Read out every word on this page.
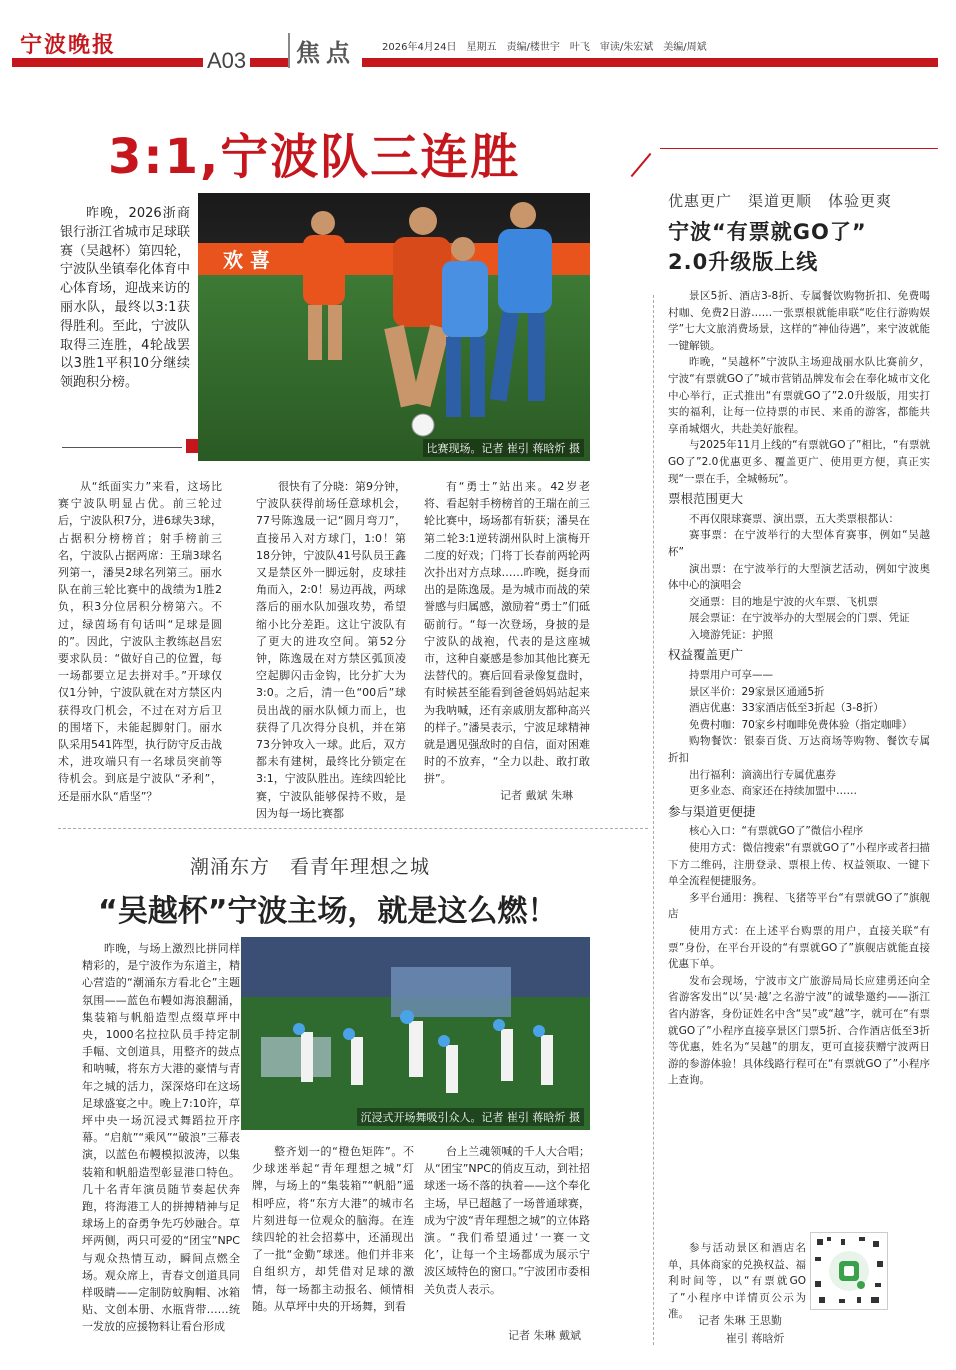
宁波晚报
A03	焦点	2026年4月24日　星期五　责编/楼世宇　叶飞　审读/朱宏斌　美编/周斌
3:1,宁波队三连胜
昨晚，2026浙商银行浙江省城市足球联赛（吴越杯）第四轮，宁波队坐镇奉化体育中心体育场，迎战来访的丽水队，最终以3:1获得胜利。至此，宁波队取得三连胜，4轮战罢以3胜1平积10分继续领跑积分榜。
欢 喜
比赛现场。记者 崔引 蒋晗炘 摄
从“纸面实力”来看，这场比赛宁波队明显占优。前三轮过后，宁波队积7分，进6球失3球，占据积分榜榜首；射手榜前三名，宁波队占据两席：王瑞3球名列第一，潘昊2球名列第三。丽水队在前三轮比赛中的战绩为1胜2负，积3分位居积分榜第六。不过，绿茵场有句话叫“足球是圆的”。因此，宁波队主教练赵昌宏要求队员：“做好自己的位置，每一场都要立足去拼对手。”开球仅仅1分钟，宁波队就在对方禁区内获得攻门机会，不过在对方后卫的围堵下，未能起脚射门。丽水队采用541阵型，执行防守反击战术，进攻端只有一名球员突前等待机会。到底是宁波队“矛利”，还是丽水队“盾坚”？
很快有了分晓：第9分钟，宁波队获得前场任意球机会，77号陈逸晟一记“圆月弯刀”，直接吊入对方球门，1:0！第18分钟，宁波队41号队员王鑫又是禁区外一脚远射，皮球挂角而入，2:0！易边再战，两球落后的丽水队加强攻势，希望缩小比分差距。这让宁波队有了更大的进攻空间。第52分钟，陈逸晟在对方禁区弧顶凌空起脚闪击金钩，比分扩大为3:0。之后，清一色“00后”球员出战的丽水队倾力而上，也获得了几次得分良机，并在第73分钟攻入一球。此后，双方都未有建树，最终比分锁定在3:1，宁波队胜出。连续四轮比赛，宁波队能够保持不败，是因为每一场比赛都
有“勇士”站出来。42岁老将、看起射手榜榜首的王瑞在前三轮比赛中，场场都有斩获；潘昊在第二轮3:1逆转湖州队时上演梅开二度的好戏；门将丁长春前两轮两次扑出对方点球……昨晚，挺身而出的是陈逸晟。是为城市而战的荣誉感与归属感，激励着“勇士”们砥砺前行。“每一次登场，身披的是宁波队的战袍，代表的是这座城市，这种自豪感是参加其他比赛无法替代的。赛后回看录像复盘时，有时候甚至能看到爸爸妈妈站起来为我呐喊，还有亲戚朋友都种高兴的样子。”潘昊表示，宁波足球精神就是遇见强敌时的自信，面对困难时的不放弃，“全力以赴、敢打敢拼”。
记者 戴斌 朱琳
潮涌东方　看青年理想之城
“吴越杯”宁波主场，就是这么燃！
昨晚，与场上激烈比拼同样精彩的，是宁波作为东道主，精心营造的“潮涌东方看北仑”主题氛围——蓝色布幔如海浪翻涌，集装箱与帆船造型点缀草坪中央，1000名拉拉队员手持定制手幅、文创道具，用整齐的鼓点和呐喊，将东方大港的豪情与青年之城的活力，深深烙印在这场足球盛宴之中。晚上7:10许，草坪中央一场沉浸式舞蹈拉开序幕。“启航”“乘风”“破浪”三幕表演，以蓝色布幔模拟波涛，以集装箱和帆船造型彰显港口特色。几十名青年演员随节奏起伏奔跑，将海港工人的拼搏精神与足球场上的奋勇争先巧妙融合。草坪两侧，两只可爱的“团宝”NPC与观众热情互动，瞬间点燃全场。观众席上，青春文创道具同样吸睛——定制防蚊胸帽、冰箱贴、文创本册、水瓶背带……统一发放的应援物料让看台形成
沉浸式开场舞吸引众人。记者 崔引 蒋晗炘 摄
整齐划一的“橙色矩阵”。不少球迷举起“青年理想之城”灯牌，与场上的“集装箱”“帆船”遥相呼应，将“东方大港”的城市名片刻进每一位观众的脑海。在连续四轮的社会招募中，还涌现出了一批“金勤”球迷。他们并非来自组织方，却凭借对足球的激情，每一场都主动报名、倾情相随。从草坪中央的开场舞，到看
台上兰魂领喊的千人大合唱；从“团宝”NPC的俏皮互动，到社招球迷一场不落的执着——这个奉化主场，早已超越了一场普通球赛，成为宁波“青年理想之城”的立体路演。“我们希望通过‘一赛一文化’，让每一个主场都成为展示宁波区域特色的窗口。”宁波团市委相关负责人表示。
记者 朱琳 戴斌
优惠更广　渠道更顺　体验更爽
宁波“有票就GO了”
2.0升级版上线

景区5折、酒店3-8折、专属餐饮购物折扣、免费喝村咖、免费2日游……一张票根就能串联“吃住行游购娱学”七大文旅消费场景，这样的“神仙待遇”，来宁波就能一键解锁。

昨晚，“吴越杯”宁波队主场迎战丽水队比赛前夕，宁波“有票就GO了”城市营销品牌发布会在奉化城市文化中心举行，正式推出“有票就GO了”2.0升级版，用实打实的福利，让每一位持票的市民、来甬的游客，都能共享甬城烟火，共赴美好旅程。

与2025年11月上线的“有票就GO了”相比，“有票就GO了”2.0优惠更多、覆盖更广、使用更方便，真正实现“一票在手，全城畅玩”。

票根范围更大

不再仅限球赛票、演出票，五大类票根都认：

赛事票：在宁波举行的大型体育赛事，例如“吴越杯”

演出票：在宁波举行的大型演艺活动，例如宁波奥体中心的演唱会

交通票：目的地是宁波的火车票、飞机票

展会票证：在宁波举办的大型展会的门票、凭证

入境游凭证：护照

权益覆盖更广

持票用户可享——

景区半价：29家景区通通5折

酒店优惠：33家酒店低至3折起（3-8折）

免费村咖：70家乡村咖啡免费体验（指定咖啡）

购物餐饮：银泰百货、万达商场等购物、餐饮专属折扣

出行福利：滴滴出行专属优惠券

更多业态、商家还在持续加盟中……

参与渠道更便捷

核心入口：“有票就GO了”微信小程序

使用方式：微信搜索“有票就GO了”小程序或者扫描下方二维码，注册登录、票根上传、权益领取、一键下单全流程便捷服务。

多平台通用：携程、飞猪等平台“有票就GO了”旗舰店

使用方式：在上述平台购票的用户，直接关联“有票”身份，在平台开设的“有票就GO了”旗舰店就能直接优惠下单。

发布会现场，宁波市文广旅游局局长应建勇还向全省游客发出“以‘吴·越’之名游宁波”的诚挚邀约——浙江省内游客，身份证姓名中含“吴”或“越”字，就可在“有票就GO了”小程序直接享景区门票5折、合作酒店低至3折等优惠，姓名为“吴越”的朋友，更可直接获赠宁波两日游的参游体验！具体线路行程可在“有票就GO了”小程序上查询。

参与活动景区和酒店名单，具体商家的兑换权益、福利时间等，以“有票就GO了”小程序中详情页公示为准。 记者 朱琳 王思勤
崔引 蒋晗炘
